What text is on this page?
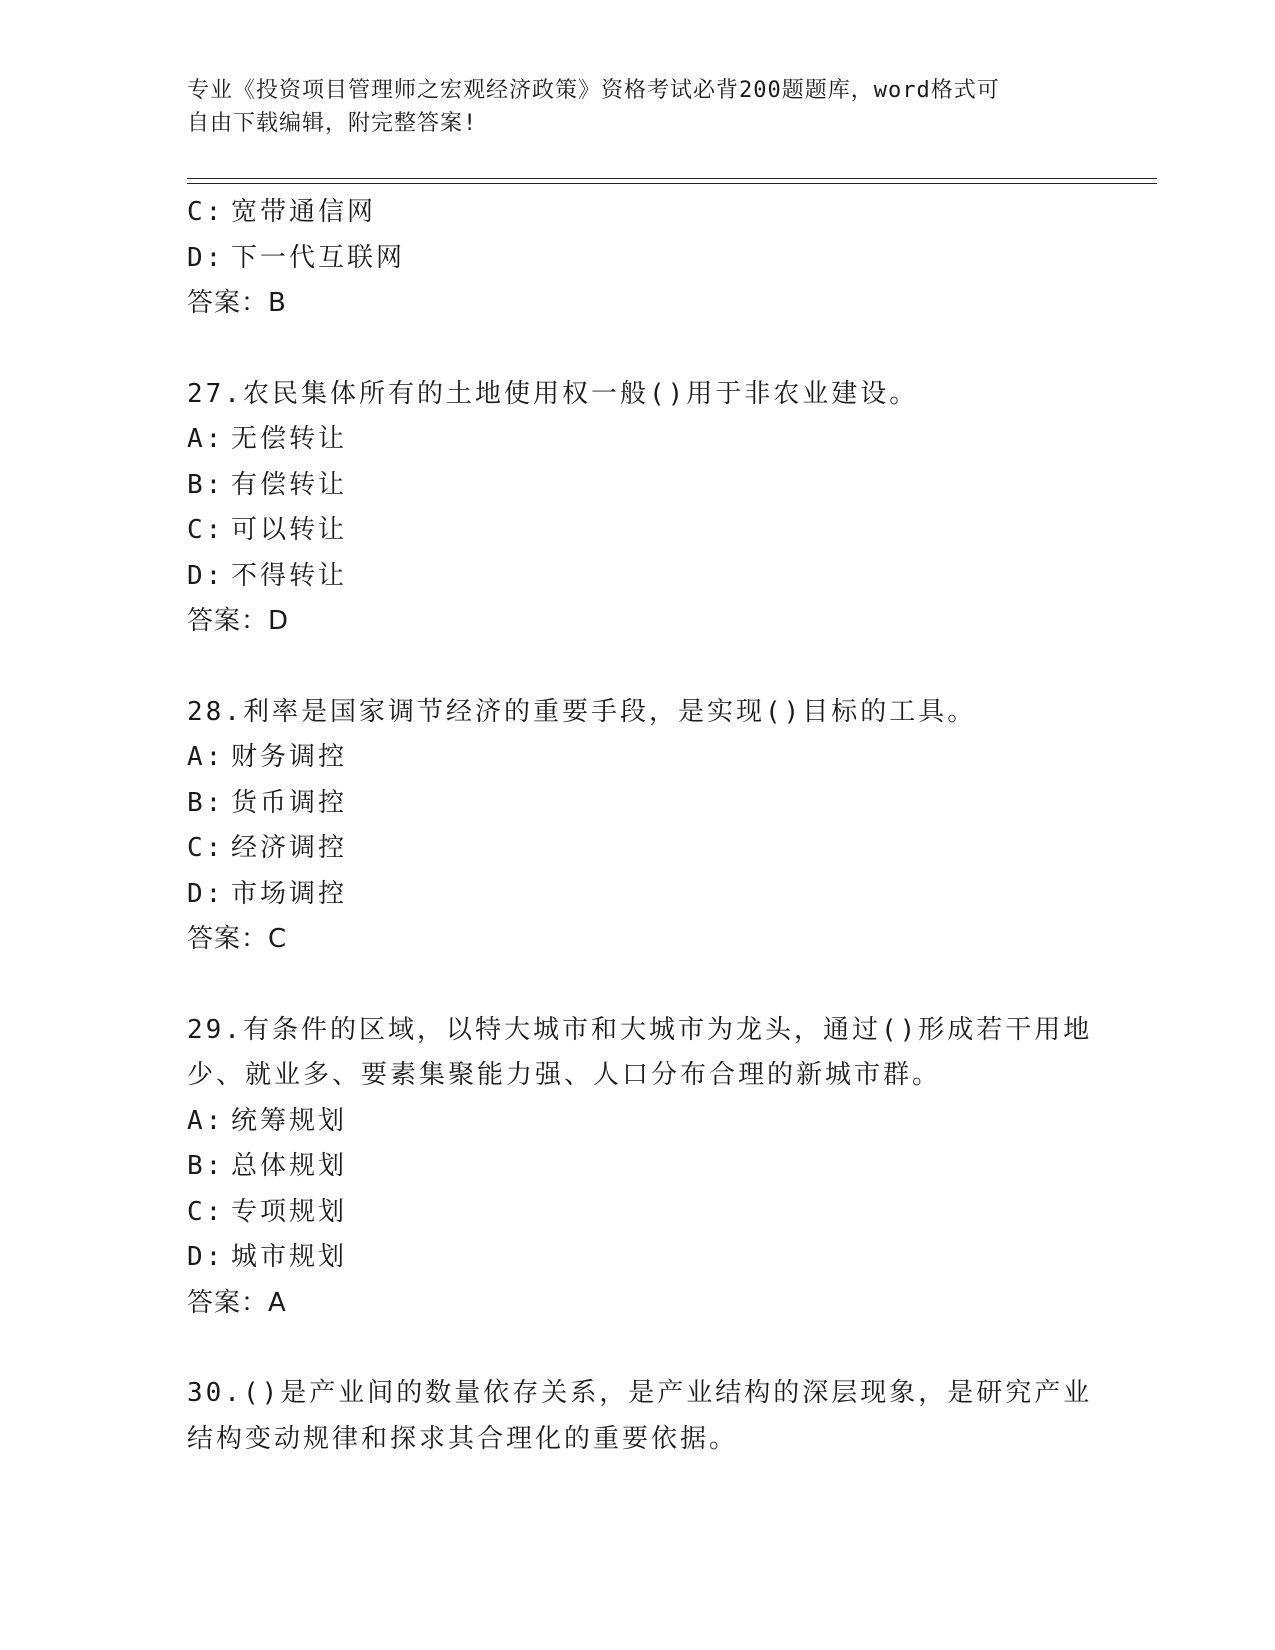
专业《投资项目管理师之宏观经济政策》资格考试必背200题题库，word格式可
自由下载编辑，附完整答案!
C: 宽带通信网
D: 下一代互联网
答案：B
27.农民集体所有的土地使用权一般()用于非农业建设。
A: 无偿转让
B: 有偿转让
C: 可以转让
D: 不得转让
答案：D
28.利率是国家调节经济的重要手段，是实现()目标的工具。
A: 财务调控
B: 货币调控
C: 经济调控
D: 市场调控
答案：C
29.有条件的区域，以特大城市和大城市为龙头，通过()形成若干用地
少、就业多、要素集聚能力强、人口分布合理的新城市群。
A: 统筹规划
B: 总体规划
C: 专项规划
D: 城市规划
答案：A
30.()是产业间的数量依存关系，是产业结构的深层现象，是研究产业
结构变动规律和探求其合理化的重要依据。
